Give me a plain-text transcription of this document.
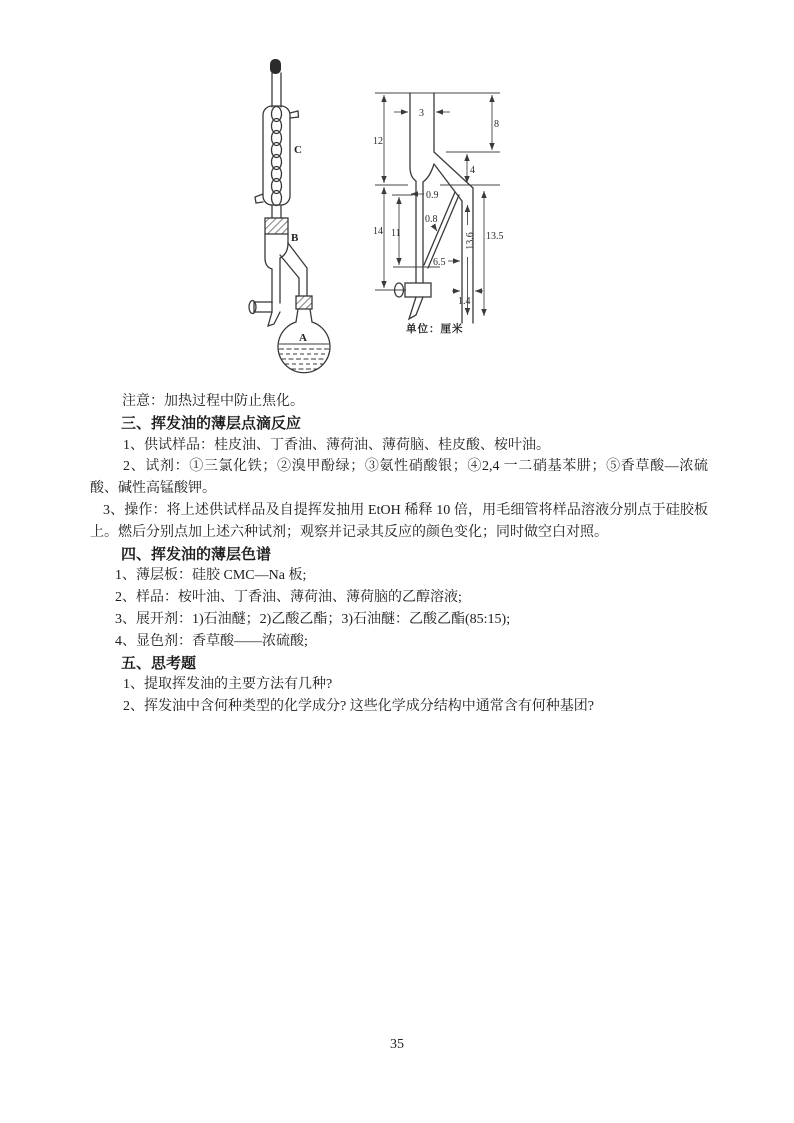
C
B
A
12
14 11
3
8
4
0.9
0.8
6.5
13.5
13.6
1.4
单位：厘米

注意：加热过程中防止焦化。

三、挥发油的薄层点滴反应

1、供试样品：桂皮油、丁香油、薄荷油、薄荷脑、桂皮酸、桉叶油。

2、试剂：①三氯化铁；②溴甲酚绿；③氨性硝酸银；④2,4 一二硝基苯肼；⑤香草酸—浓硫酸、碱性高锰酸钾。

3、操作：将上述供试样品及自提挥发抽用 EtOH 稀释 10 倍，用毛细管将样品溶液分别点于硅胶板上。燃后分别点加上述六种试剂；观察并记录其反应的颜色变化；同时做空白对照。

四、挥发油的薄层色谱

1、薄层板：硅胶 CMC—Na 板;

2、样品：桉叶油、丁香油、薄荷油、薄荷脑的乙醇溶液;

3、展开剂：1)石油醚；2)乙酸乙酯；3)石油醚：乙酸乙酯(85:15);

4、显色剂：香草酸——浓硫酸;

五、思考题

1、提取挥发油的主要方法有几种?

2、挥发油中含何种类型的化学成分? 这些化学成分结构中通常含有何种基团?

35
